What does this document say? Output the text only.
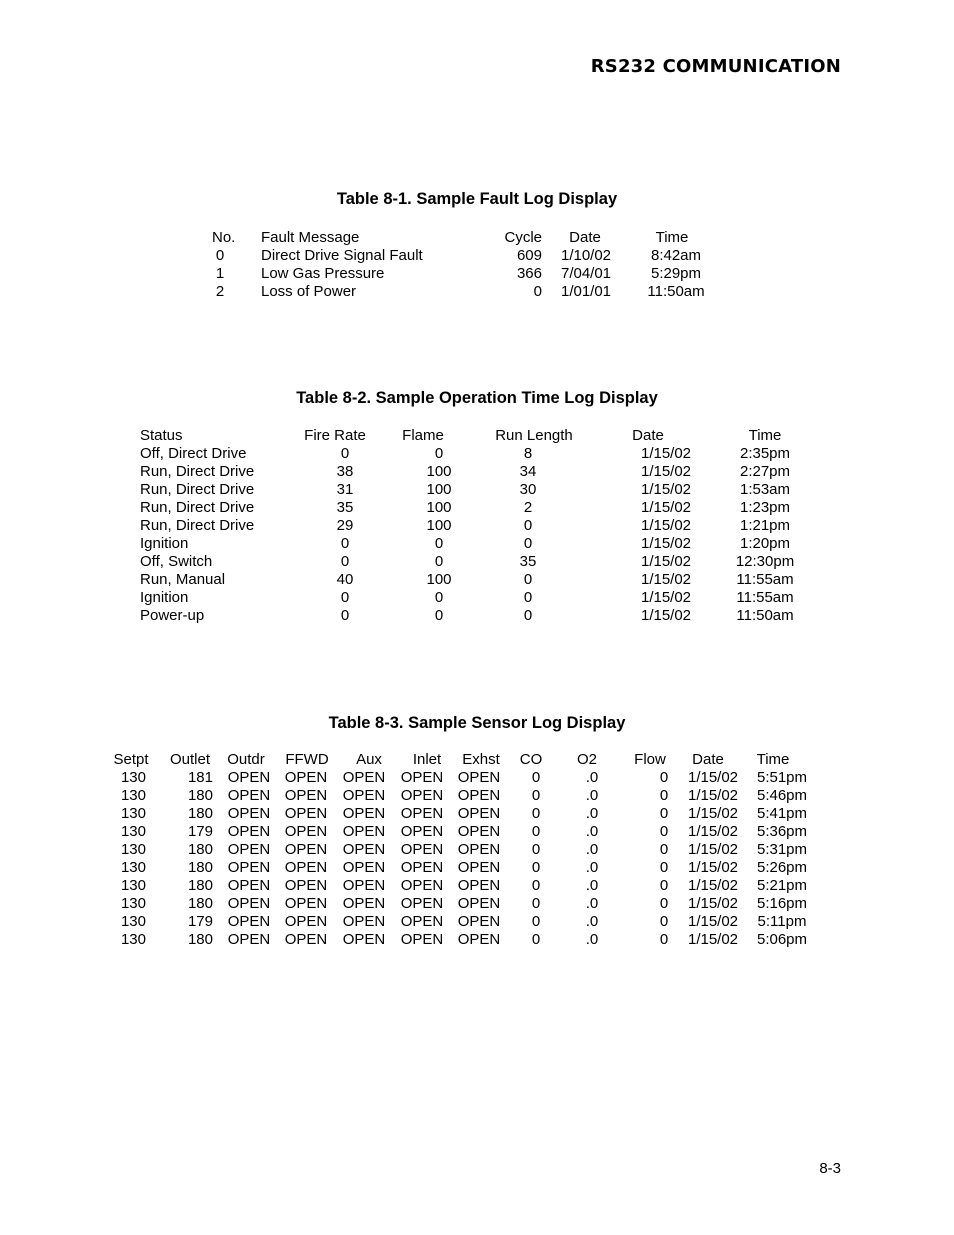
RS232 COMMUNICATION
Table 8-1. Sample Fault Log Display
No. Fault Message	Cycle Date	Time
0 Direct Drive Signal Fault	609 1/10/02	8:42am
1 Low Gas Pressure	366 7/04/01	5:29pm
2 Loss of Power	0 1/01/01 11:50am
Table 8-2. Sample Operation Time Log Display
Status	Fire Rate Flame	Run Length	Date	Time
Off, Direct Drive	0	0	8	1/15/02	2:35pm
Run, Direct Drive	38	100	34	1/15/02	2:27pm
Run, Direct Drive	31	100	30	1/15/02	1:53am
Run, Direct Drive	35	100	2	1/15/02	1:23pm
Run, Direct Drive	29	100	0	1/15/02	1:21pm
Ignition	0	0	0	1/15/02	1:20pm
Off, Switch	0	0	35	1/15/02	12:30pm
Run, Manual	40	100	0	1/15/02	11:55am
Ignition	0	0	0	1/15/02	11:55am
Power-up	0	0	0	1/15/02	11:50am
Table 8-3. Sample Sensor Log Display
Setpt Outlet Outdr FFWD Aux Inlet Exhst CO O2 Flow Date Time
130	181 OPEN OPEN OPEN OPEN OPEN 0	.0	0 1/15/02 5:51pm
130	180 OPEN OPEN OPEN OPEN OPEN 0	.0	0 1/15/02 5:46pm
130	180 OPEN OPEN OPEN OPEN OPEN 0	.0	0 1/15/02 5:41pm
130	179 OPEN OPEN OPEN OPEN OPEN 0	.0	0 1/15/02 5:36pm
130	180 OPEN OPEN OPEN OPEN OPEN 0	.0	0 1/15/02 5:31pm
130	180 OPEN OPEN OPEN OPEN OPEN 0	.0	0 1/15/02 5:26pm
130	180 OPEN OPEN OPEN OPEN OPEN 0	.0	0 1/15/02 5:21pm
130	180 OPEN OPEN OPEN OPEN OPEN 0	.0	0 1/15/02 5:16pm
130	179 OPEN OPEN OPEN OPEN OPEN 0	.0	0 1/15/02 5:11pm
130	180 OPEN OPEN OPEN OPEN OPEN 0	.0	0 1/15/02 5:06pm
8-3
